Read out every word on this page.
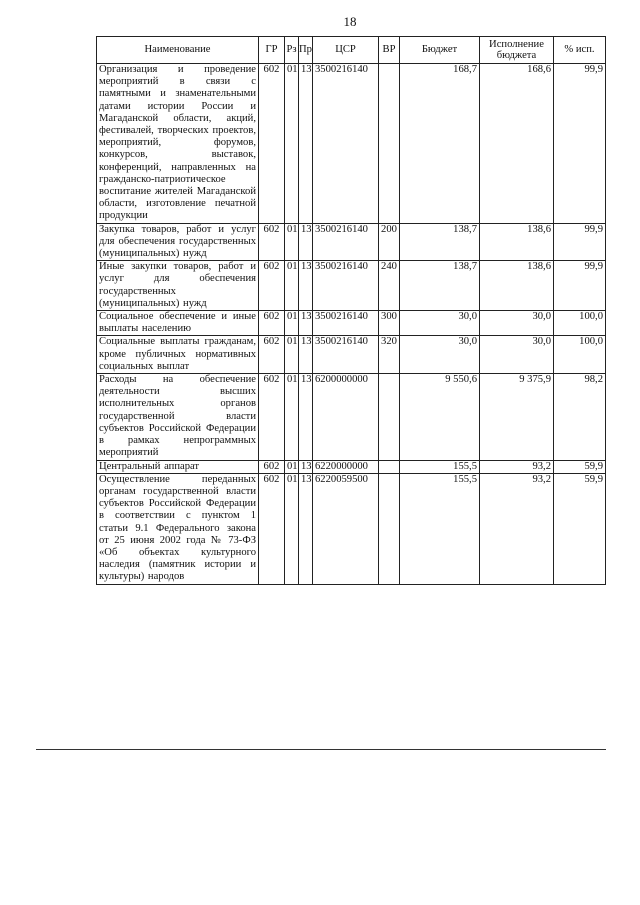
18
Наименование	ГР	Рз	Пр	ЦСР	ВР	Бюджет	Исполнение бюджета	% исп.
Организация и проведение мероприятий в связи с памятными и знаменательными датами истории России и Магаданской области, акций, фестивалей, творческих проектов, мероприятий, форумов, конкурсов, выставок, конференций, направленных на гражданско-патриотическое воспитание жителей Магаданской области, изготовление печатной продукции	602	01	13	3500216140		168,7	168,6	99,9
Закупка товаров, работ и услуг для обеспечения государственных (муниципальных) нужд	602	01	13	3500216140	200	138,7	138,6	99,9
Иные закупки товаров, работ и услуг для обеспечения государственных (муниципальных) нужд	602	01	13	3500216140	240	138,7	138,6	99,9
Социальное обеспечение и иные выплаты населению	602	01	13	3500216140	300	30,0	30,0	100,0
Социальные выплаты гражданам, кроме публичных нормативных социальных выплат	602	01	13	3500216140	320	30,0	30,0	100,0
Расходы на обеспечение деятельности высших исполнительных органов государственной власти субъектов Российской Федерации в рамках непрограммных мероприятий	602	01	13	6200000000		9 550,6	9 375,9	98,2
Центральный аппарат	602	01	13	6220000000		155,5	93,2	59,9
Осуществление переданных органам государственной власти субъектов Российской Федерации в соответствии с пунктом 1 статьи 9.1 Федерального закона от 25 июня 2002 года № 73-ФЗ «Об объектах культурного наследия (памятник истории и культуры) народов	602	01	13	6220059500		155,5	93,2	59,9
